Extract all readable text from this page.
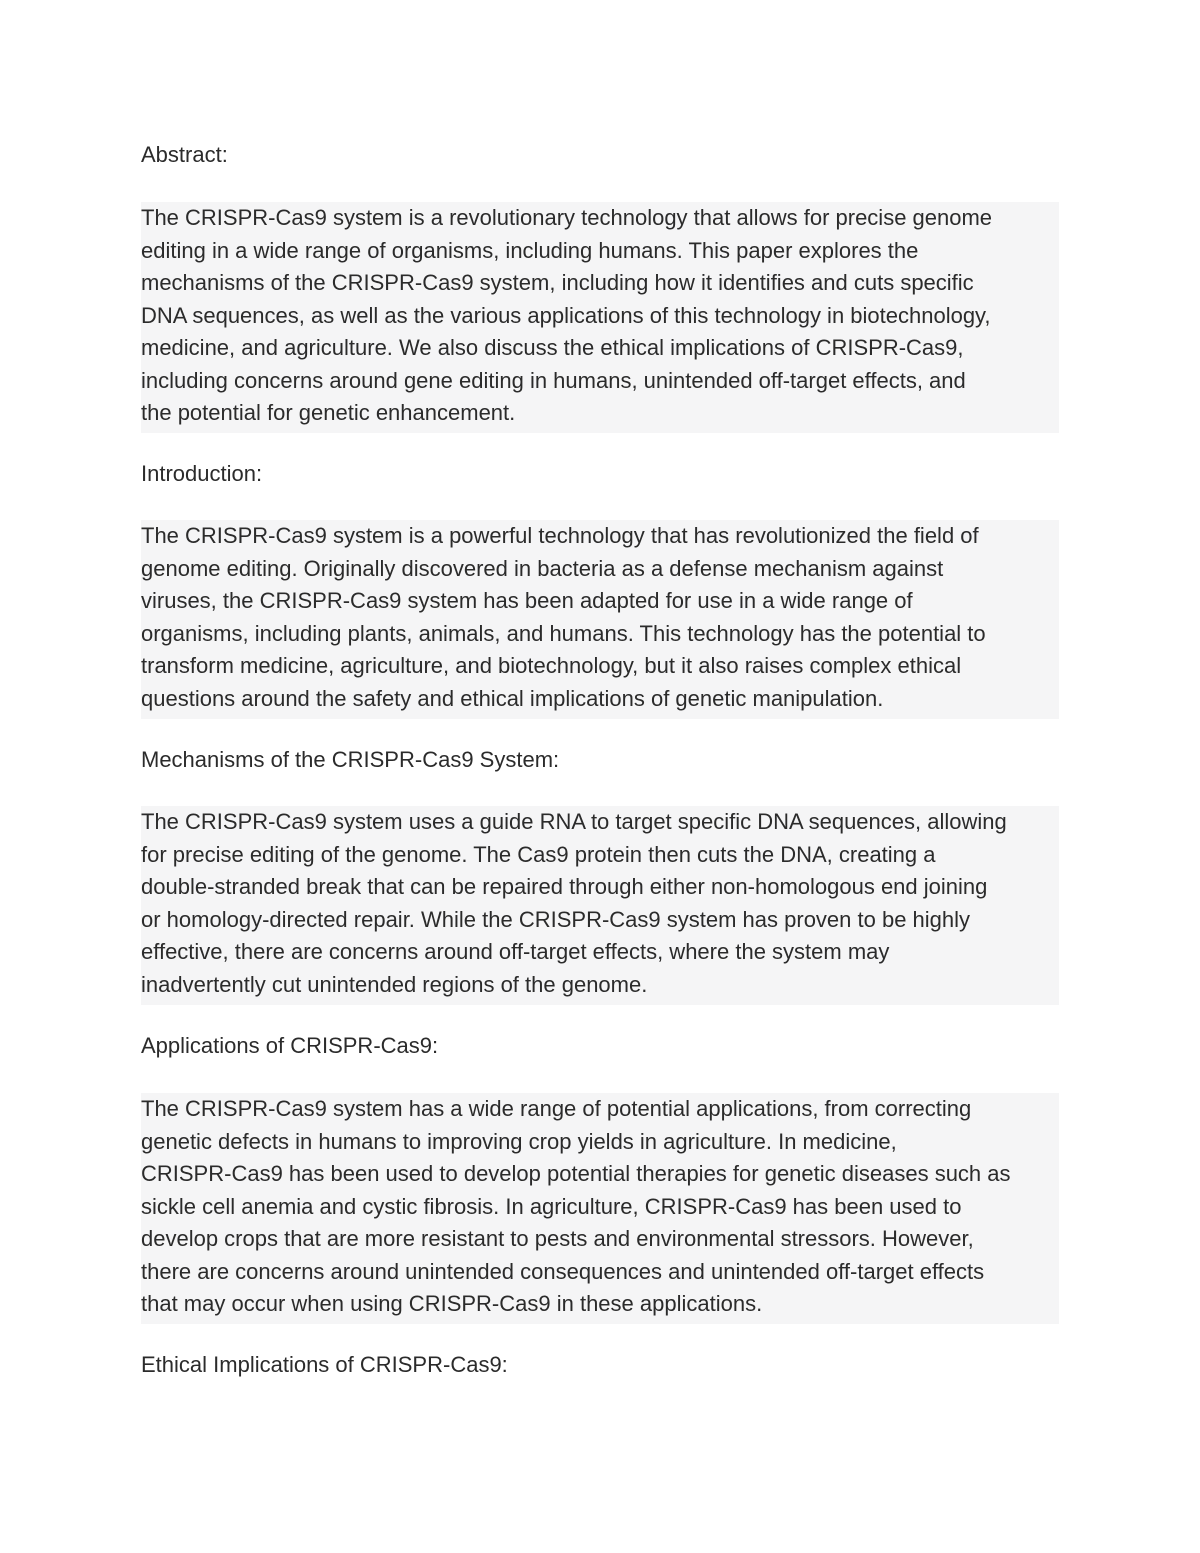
Abstract:
The CRISPR-Cas9 system is a revolutionary technology that allows for precise genome
editing in a wide range of organisms, including humans. This paper explores the
mechanisms of the CRISPR-Cas9 system, including how it identifies and cuts specific
DNA sequences, as well as the various applications of this technology in biotechnology,
medicine, and agriculture. We also discuss the ethical implications of CRISPR-Cas9,
including concerns around gene editing in humans, unintended off-target effects, and
the potential for genetic enhancement.
Introduction:
The CRISPR-Cas9 system is a powerful technology that has revolutionized the field of
genome editing. Originally discovered in bacteria as a defense mechanism against
viruses, the CRISPR-Cas9 system has been adapted for use in a wide range of
organisms, including plants, animals, and humans. This technology has the potential to
transform medicine, agriculture, and biotechnology, but it also raises complex ethical
questions around the safety and ethical implications of genetic manipulation.
Mechanisms of the CRISPR-Cas9 System:
The CRISPR-Cas9 system uses a guide RNA to target specific DNA sequences, allowing
for precise editing of the genome. The Cas9 protein then cuts the DNA, creating a
double-stranded break that can be repaired through either non-homologous end joining
or homology-directed repair. While the CRISPR-Cas9 system has proven to be highly
effective, there are concerns around off-target effects, where the system may
inadvertently cut unintended regions of the genome.
Applications of CRISPR-Cas9:
The CRISPR-Cas9 system has a wide range of potential applications, from correcting
genetic defects in humans to improving crop yields in agriculture. In medicine,
CRISPR-Cas9 has been used to develop potential therapies for genetic diseases such as
sickle cell anemia and cystic fibrosis. In agriculture, CRISPR-Cas9 has been used to
develop crops that are more resistant to pests and environmental stressors. However,
there are concerns around unintended consequences and unintended off-target effects
that may occur when using CRISPR-Cas9 in these applications.
Ethical Implications of CRISPR-Cas9:
